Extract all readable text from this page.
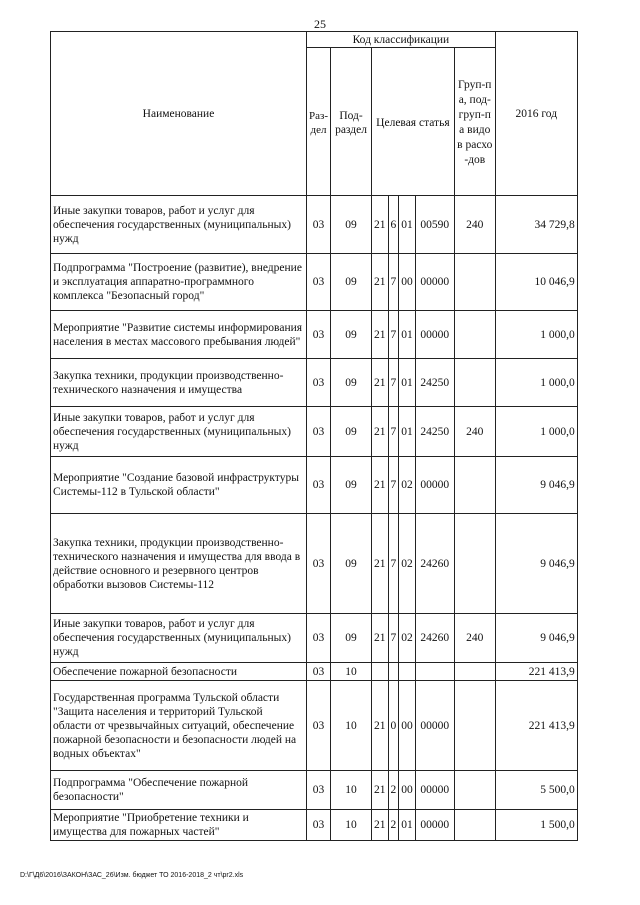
25
Наименование	Код классификации							2016 год
	Раз-дел	Под-раздел	Целевая статья				Груп-па, под-груп-па видов расхо-дов	
Иные закупки товаров, работ и услуг для обеспечения государственных (муниципальных) нужд	03	09	21	6	01	00590	240	34 729,8
Подпрограмма "Построение (развитие), внедрение и эксплуатация аппаратно-программного комплекса "Безопасный город"	03	09	21	7	00	00000		10 046,9
Мероприятие "Развитие системы информирования населения в местах массового пребывания людей"	03	09	21	7	01	00000		1 000,0
Закупка техники, продукции производственно-технического назначения и имущества	03	09	21	7	01	24250		1 000,0
Иные закупки товаров, работ и услуг для обеспечения государственных (муниципальных) нужд	03	09	21	7	01	24250	240	1 000,0
Мероприятие "Создание базовой инфраструктуры Системы-112 в Тульской области"	03	09	21	7	02	00000		9 046,9
Закупка техники, продукции производственно-технического назначения и имущества для ввода в действие основного и резервного центров обработки вызовов Системы-112	03	09	21	7	02	24260		9 046,9
Иные закупки товаров, работ и услуг для обеспечения государственных (муниципальных) нужд	03	09	21	7	02	24260	240	9 046,9
Обеспечение пожарной безопасности	03	10						221 413,9
Государственная программа Тульской области "Защита населения и территорий Тульской области от чрезвычайных ситуаций, обеспечение пожарной безопасности и безопасности людей на водных объектах"	03	10	21	0	00	00000		221 413,9
Подпрограмма "Обеспечение пожарной безопасности"	03	10	21	2	00	00000		5 500,0
Мероприятие "Приобретение техники и имущества для пожарных частей"	03	10	21	2	01	00000		1 500,0
D:\Г\Д6\2016\ЗАКОН\ЗАС_26\Изм. бюджет ТО 2016-2018_2 чт\pr2.xls
